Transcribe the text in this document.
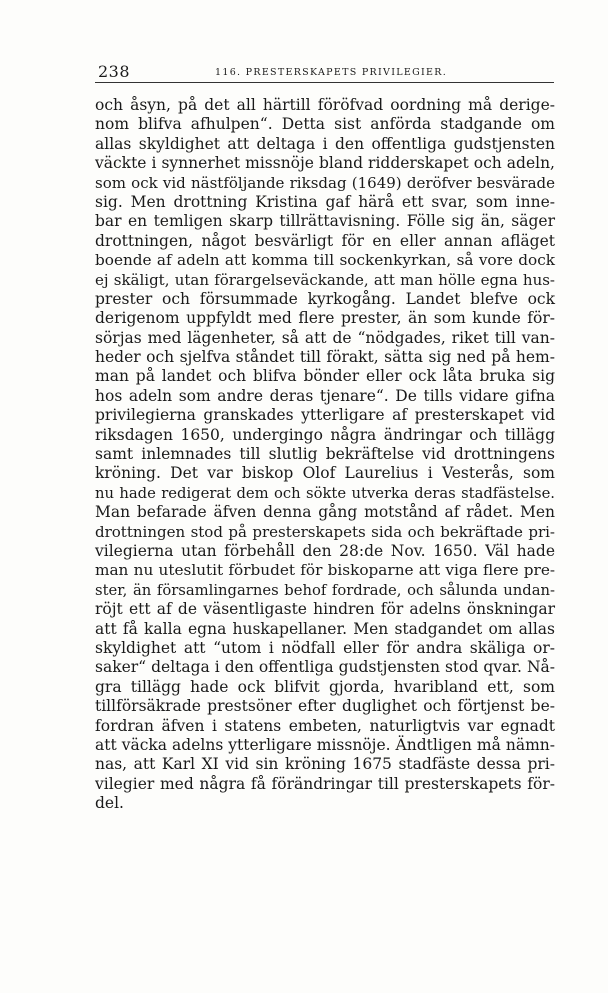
238	116. PRESTERSKAPETS PRIVILEGIER.
och åsyn, på det all härtill föröfvad oordning må derige-
nom blifva afhulpen“. Detta sist anförda stadgande om
allas skyldighet att deltaga i den offentliga gudstjensten
väckte i synnerhet missnöje bland ridderskapet och adeln,
som ock vid nästföljande riksdag (1649) deröfver besvärade
sig. Men drottning Kristina gaf härå ett svar, som inne-
bar en temligen skarp tillrättavisning. Fölle sig än, säger
drottningen, något besvärligt för en eller annan afläget
boende af adeln att komma till sockenkyrkan, så vore dock
ej skäligt, utan förargelseväckande, att man hölle egna hus-
prester och försummade kyrkogång. Landet blefve ock
derigenom uppfyldt med flere prester, än som kunde för-
sörjas med lägenheter, så att de “nödgades, riket till van-
heder och sjelfva ståndet till förakt, sätta sig ned på hem-
man på landet och blifva bönder eller ock låta bruka sig
hos adeln som andre deras tjenare“. De tills vidare gifna
privilegierna granskades ytterligare af presterskapet vid
riksdagen 1650, undergingo några ändringar och tillägg
samt inlemnades till slutlig bekräftelse vid drottningens
kröning. Det var biskop Olof Laurelius i Vesterås, som
nu hade redigerat dem och sökte utverka deras stadfästelse.
Man befarade äfven denna gång motstånd af rådet. Men
drottningen stod på presterskapets sida och bekräftade pri-
vilegierna utan förbehåll den 28:de Nov. 1650. Väl hade
man nu uteslutit förbudet för biskoparne att viga flere pre-
ster, än församlingarnes behof fordrade, och sålunda undan-
röjt ett af de väsentligaste hindren för adelns önskningar
att få kalla egna huskapellaner. Men stadgandet om allas
skyldighet att “utom i nödfall eller för andra skäliga or-
saker“ deltaga i den offentliga gudstjensten stod qvar. Nå-
gra tillägg hade ock blifvit gjorda, hvaribland ett, som
tillförsäkrade prestsöner efter duglighet och förtjenst be-
fordran äfven i statens embeten, naturligtvis var egnadt
att väcka adelns ytterligare missnöje. Ändtligen må nämn-
nas, att Karl XI vid sin kröning 1675 stadfäste dessa pri-
vilegier med några få förändringar till presterskapets för-
del.
